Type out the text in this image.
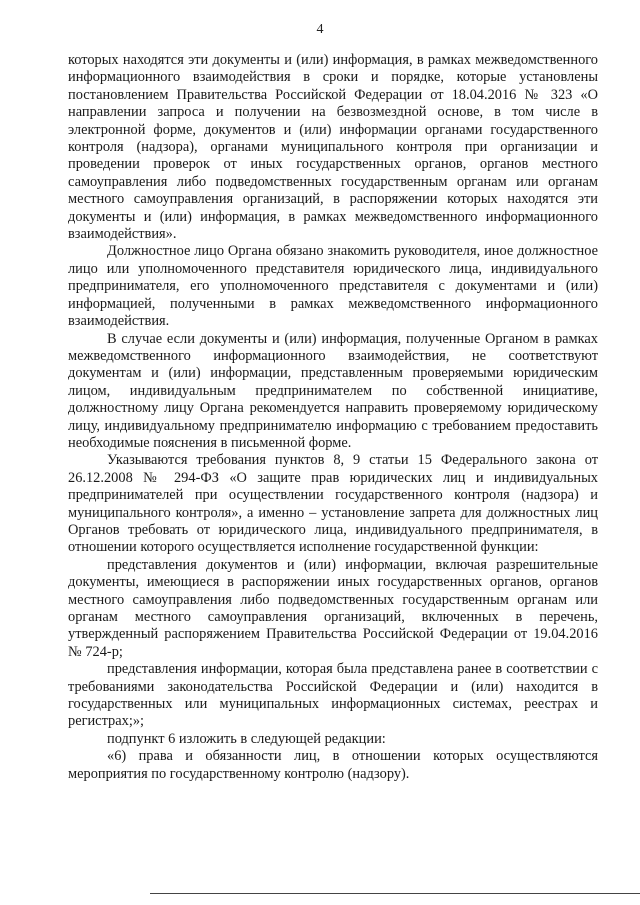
4

которых находятся эти документы и (или) информация, в рамках межведомственного информационного взаимодействия в сроки и порядке, которые установлены постановлением Правительства Российской Федерации от 18.04.2016 № 323 «О направлении запроса и получении на безвозмездной основе, в том числе в электронной форме, документов и (или) информации органами государственного контроля (надзора), органами муниципального контроля при организации и проведении проверок от иных государственных органов, органов местного самоуправления либо подведомственных государственным органам или органам местного самоуправления организаций, в распоряжении которых находятся эти документы и (или) информация, в рамках межведомственного информационного взаимодействия».

Должностное лицо Органа обязано знакомить руководителя, иное должностное лицо или уполномоченного представителя юридического лица, индивидуального предпринимателя, его уполномоченного представителя с документами и (или) информацией, полученными в рамках межведомственного информационного взаимодействия.

В случае если документы и (или) информация, полученные Органом в рамках межведомственного информационного взаимодействия, не соответствуют документам и (или) информации, представленным проверяемыми юридическим лицом, индивидуальным предпринимателем по собственной инициативе, должностному лицу Органа рекомендуется направить проверяемому юридическому лицу, индивидуальному предпринимателю информацию с требованием предоставить необходимые пояснения в письменной форме.

Указываются требования пунктов 8, 9 статьи 15 Федерального закона от 26.12.2008 № 294-ФЗ «О защите прав юридических лиц и индивидуальных предпринимателей при осуществлении государственного контроля (надзора) и муниципального контроля», а именно – установление запрета для должностных лиц Органов требовать от юридического лица, индивидуального предпринимателя, в отношении которого осуществляется исполнение государственной функции:

представления документов и (или) информации, включая разрешительные документы, имеющиеся в распоряжении иных государственных органов, органов местного самоуправления либо подведомственных государственным органам или органам местного самоуправления организаций, включенных в перечень, утвержденный распоряжением Правительства Российской Федерации от 19.04.2016 № 724-р;

представления информации, которая была представлена ранее в соответствии с требованиями законодательства Российской Федерации и (или) находится в государственных или муниципальных информационных системах, реестрах и регистрах;»;

подпункт 6 изложить в следующей редакции:

«6) права и обязанности лиц, в отношении которых осуществляются мероприятия по государственному контролю (надзору).
